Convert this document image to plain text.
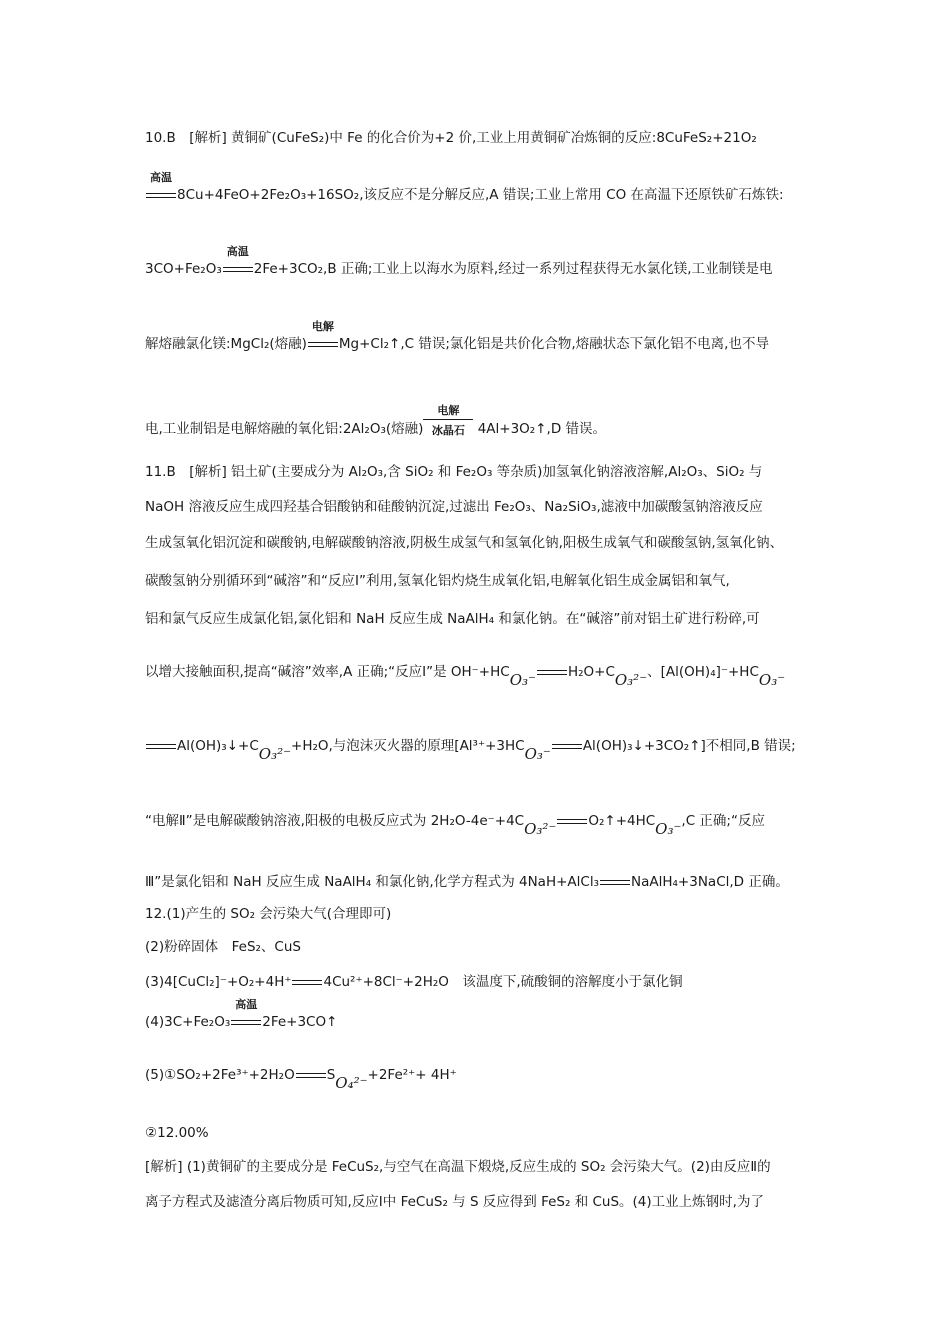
10.B　[解析] 黄铜矿(CuFeS₂)中 Fe 的化合价为+2 价,工业上用黄铜矿冶炼铜的反应:8CuFeS₂+21O₂
高温
8Cu+4FeO+2Fe₂O₃+16SO₂,该反应不是分解反应,A 错误;工业上常用 CO 在高温下还原铁矿石炼铁:
3CO+Fe₂O₃
高温
2Fe+3CO₂,B 正确;工业上以海水为原料,经过一系列过程获得无水氯化镁,工业制镁是电
解熔融氯化镁:MgCl₂(熔融)
电解
Mg+Cl₂↑,C 错误;氯化铝是共价化合物,熔融状态下氯化铝不电离,也不导
电,工业制铝是电解熔融的氧化铝:2Al₂O₃(熔融) $\frac{\text{电解}}{\text{冰晶石}}$ 4Al+3O₂↑,D 错误。
11.B　[解析] 铝土矿(主要成分为 Al₂O₃,含 SiO₂ 和 Fe₂O₃ 等杂质)加氢氧化钠溶液溶解,Al₂O₃、SiO₂ 与
NaOH 溶液反应生成四羟基合铝酸钠和硅酸钠沉淀,过滤出 Fe₂O₃、Na₂SiO₃,滤液中加碳酸氢钠溶液反应
生成氢氧化铝沉淀和碳酸钠,电解碳酸钠溶液,阴极生成氢气和氢氧化钠,阳极生成氧气和碳酸氢钠,氢氧化钠、
碳酸氢钠分别循环到“碱溶”和“反应Ⅰ”利用,氢氧化铝灼烧生成氧化铝,电解氧化铝生成金属铝和氧气,
铝和氯气反应生成氯化铝,氯化铝和 NaH 反应生成 NaAlH₄ 和氯化钠。在“碱溶”前对铝土矿进行粉碎,可
以增大接触面积,提高“碱溶”效率,A 正确;“反应Ⅰ”是 OH⁻+HCO₃⁻ H₂O+CO₃²⁻、[Al(OH)₄]⁻+HCO₃⁻
Al(OH)₃↓+CO₃²⁻+H₂O,与泡沫灭火器的原理[Al³⁺+3HCO₃⁻ Al(OH)₃↓+3CO₂↑]不相同,B 错误;
“电解Ⅱ”是电解碳酸钠溶液,阳极的电极反应式为 2H₂O-4e⁻+4CO₃²⁻ O₂↑+4HCO₃⁻,C 正确;“反应
Ⅲ”是氯化铝和 NaH 反应生成 NaAlH₄ 和氯化钠,化学方程式为 4NaH+AlCl₃ NaAlH₄+3NaCl,D 正确。
12.(1)产生的 SO₂ 会污染大气(合理即可)
(2)粉碎固体　FeS₂、CuS
(3)4[CuCl₂]⁻+O₂+4H⁺ 4Cu²⁺+8Cl⁻+2H₂O　该温度下,硫酸铜的溶解度小于氯化铜
(4)3C+Fe₂O₃
高温
2Fe+3CO↑
(5)①SO₂+2Fe³⁺+2H₂O SO₄²⁻+2Fe²⁺+ 4H⁺
②12.00%
[解析] (1)黄铜矿的主要成分是 FeCuS₂,与空气在高温下煅烧,反应生成的 SO₂ 会污染大气。(2)由反应Ⅱ的
离子方程式及滤渣分离后物质可知,反应Ⅰ中 FeCuS₂ 与 S 反应得到 FeS₂ 和 CuS。(4)工业上炼钢时,为了
